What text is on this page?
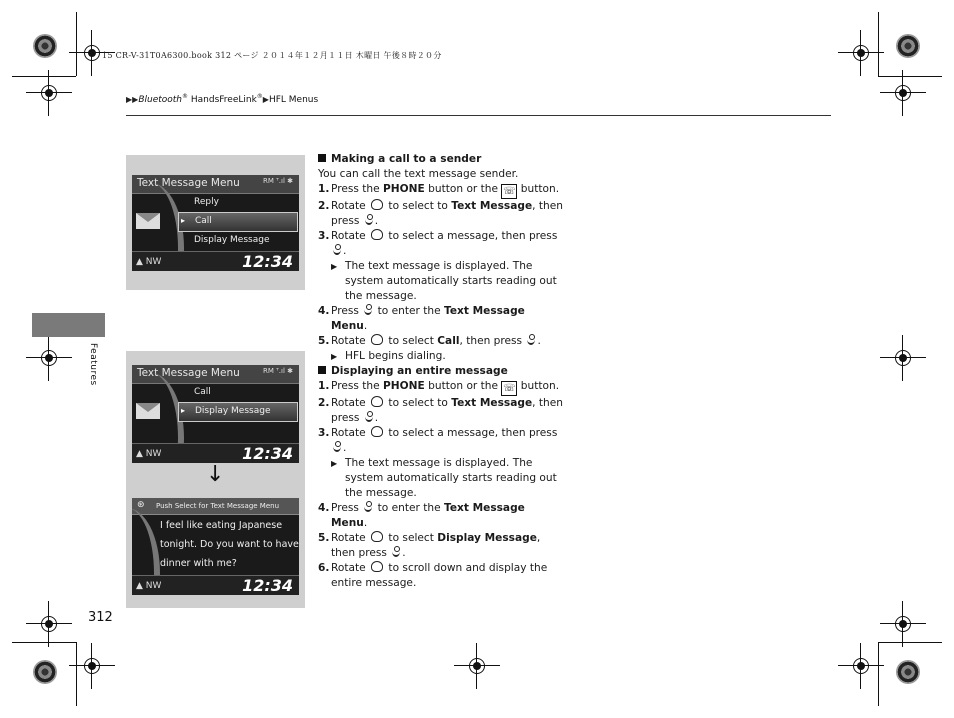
15 CR-V-31T0A6300.book 312 ページ ２０１４年１２月１１日 木曜日 午後８時２０分
▶▶Bluetooth® HandsFreeLink®▶HFL Menus
Features
312
Text Message Menu	RM ᵀ.ıl ✱
Reply
▸ Call
Display Message
▲ NW	12:34
Text Message Menu	RM ᵀ.ıl ✱
Call
▸ Display Message
▲ NW	12:34
⊛ Push Select for Text Message Menu
I feel like eating Japanese
tonight. Do you want to have
dinner with me?
▲ NW	12:34
↓
Making a call to a sender
You can call the text message sender.
1. Press the PHONE button or the ☏ button.
2. Rotate  to select to Text Message, then press .
3. Rotate  to select a message, then press .
▶ The text message is displayed. The system automatically starts reading out the message.
4. Press  to enter the Text Message Menu.
5. Rotate  to select Call, then press .
▶ HFL begins dialing.
Displaying an entire message
1. Press the PHONE button or the ☏ button.
2. Rotate  to select to Text Message, then press .
3. Rotate  to select a message, then press .
▶ The text message is displayed. The system automatically starts reading out the message.
4. Press  to enter the Text Message Menu.
5. Rotate  to select Display Message, then press .
6. Rotate  to scroll down and display the entire message.
